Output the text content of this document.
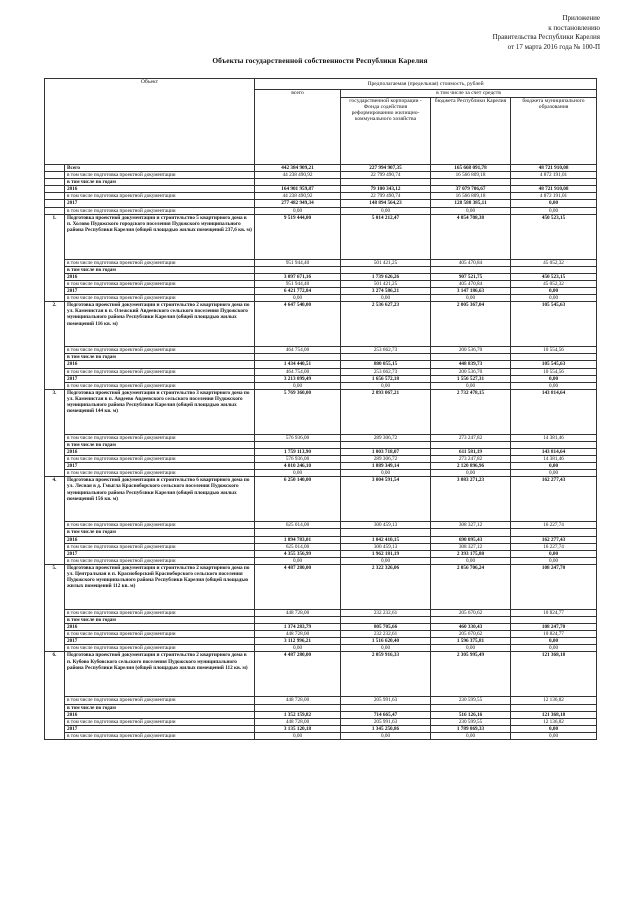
Приложение
к постановлению
Правительства Республики Карелия
от 17 марта 2016 года № 100-П
Объекты государственной собственности Республики Карелия
Объект		Предполагаемая (предельная) стоимость, рублей			
		всего	в том числе за счет средств		
			государственной корпорации - Фонда содействия реформированию жилищно-коммунального хозяйства	бюджета Республики Карелия	бюджета муниципального образования
	Всего	442 384 909,21	227 994 907,35	165 668 091,78	48 721 910,08
	в том числе подготовка проектной документации	44 238 490,92	22 799 490,74	16 566 809,18	4 872 191,01
	в том числе по годам				
	2016	164 901 959,87	79 100 343,12	37 079 706,67	48 721 910,08
	в том числе подготовка проектной документации	44 238 490,92	22 799 490,74	16 566 809,18	4 872 191,01
	2017	277 482 949,34	148 894 564,23	128 588 385,11	0,00
	в том числе подготовка проектной документации	0,00	0,00	0,00	0,00
1.	Подготовка проектной документации и строительство 5 квартирного дома в п. Холово Пудожского городского поселения Пудожского муниципального района Республики Карелия (общей площадью жилых помещений 237,6 кв. м)	9 519 444,00	5 014 212,47	4 054 708,38	450 523,15
	в том числе подготовка проектной документации	951 944,40	501 421,25	405 470,84	45 052,32
	в том числе по годам				
	2016	3 097 671,16	1 739 626,26	907 521,75	450 523,15
	в том числе подготовка проектной документации	951 944,40	501 421,25	405 470,84	45 052,32
	2017	6 421 772,84	3 274 586,21	3 147 186,63	0,00
	в том числе подготовка проектной документации	0,00	0,00	0,00	0,00
2.	Подготовка проектной документации и строительство 2 квартирного дома по ул. Каменистая в п. Олежский Авдеевского сельского поселения Пудожского муниципального района Республики Карелия (общей площадью жилых помещений 116 кв. м)	4 647 540,00	2 536 627,23	2 005 367,04	105 545,63
	в том числе подготовка проектной документации	464 754,00	253 662,73	200 536,70	10 554,56
	в том числе по годам				
	2016	1 434 440,51	880 055,15	448 839,73	105 545,63
	в том числе подготовка проектной документации	464 754,00	253 662,73	200 536,70	10 554,56
	2017	3 213 099,49	1 656 572,18	1 556 527,31	0,00
	в том числе подготовка проектной документации	0,00	0,00	0,00	0,00
3.	Подготовка проектной документации и строительство 3 квартирного дома по ул. Каменистая в п. Авдеево Авдеевского сельского поселения Пудожского муниципального района Республики Карелия (общей площадью жилых помещений 144 кв. м)	5 769 360,00	2 893 067,21	2 732 478,15	143 814,64
	в том числе подготовка проектной документации	576 936,00	289 306,72	273 247,82	14 381,46
	в том числе по годам				
	2016	1 759 113,90	1 003 718,07	611 581,19	143 814,64
	в том числе подготовка проектной документации	576 936,00	289 306,72	273 247,82	14 381,46
	2017	4 010 246,10	1 889 349,14	2 120 896,96	0,00
	в том числе подготовка проектной документации	0,00	0,00	0,00	0,00
4.	Подготовка проектной документации и строительство 6 квартирного дома по ул. Лесная в д. Гмыгла Красноборского сельского поселения Пудожского муниципального района Республики Карелия (общей площадью жилых помещений 156 кв. м)	6 250 140,00	3 004 591,54	3 083 271,23	162 277,43
	в том числе подготовка проектной документации	625 014,00	300 459,13	308 327,12	16 227,74
	в том числе по годам				
	2016	1 894 783,01	1 042 410,15	690 095,43	162 277,43
	в том числе подготовка проектной документации	625 014,00	300 459,13	308 327,12	16 227,74
	2017	4 355 356,99	1 962 181,19	2 393 175,80	0,00
	в том числе подготовка проектной документации	0,00	0,00	0,00	0,00
5.	Подготовка проектной документации и строительство 2 квартирного дома по ул. Центральная в п. Красноборский Красноборского сельского поселения Пудожского муниципального района Республики Карелия (общей площадью жилых помещений 112 кв. м)	4 487 280,00	2 322 326,06	2 056 706,24	108 247,70
	в том числе подготовка проектной документации	448 728,00	232 232,61	205 670,62	10 824,77
	в том числе по годам				
	2016	1 374 283,79	805 705,66	460 330,43	108 247,70
	в том числе подготовка проектной документации	448 728,00	232 232,61	205 670,62	10 824,77
	2017	3 112 996,21	1 516 620,40	1 596 375,81	0,00
	в том числе подготовка проектной документации	0,00	0,00	0,00	0,00
6.	Подготовка проектной документации и строительство 2 квартирного дома в п. Кубово Кубовского сельского поселения Пудожского муниципального района Республики Карелия (общей площадью жилых помещений 112 кв. м)	4 487 280,00	2 059 916,33	2 305 995,49	121 368,18
	в том числе подготовка проектной документации	448 728,00	205 991,63	230 599,55	12 136,82
	в том числе по годам				
	2016	1 352 159,82	714 665,47	516 126,16	121 368,18
	в том числе подготовка проектной документации	448 728,00	205 991,63	230 599,55	12 136,82
	2017	3 135 120,18	1 345 250,86	1 789 869,33	0,00
	в том числе подготовка проектной документации	0,00	0,00	0,00	0,00
